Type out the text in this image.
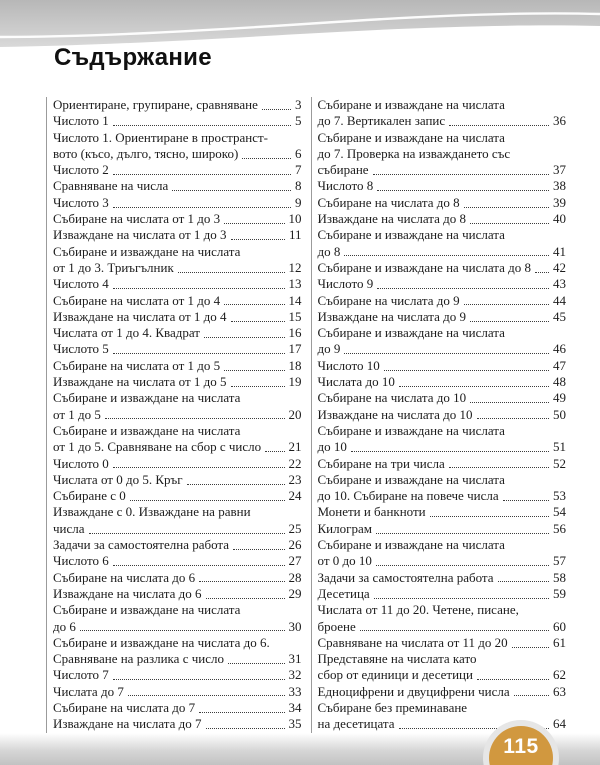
Съдържание
Ориентиране, групиране, сравняване	3
Числото 1	5
Числото 1. Ориентиране в пространст-
вото (късо, дълго, тясно, широко)	6
Числото 2	7
Сравняване на числа	8
Числото 3	9
Събиране на числата от 1 до 3	10
Изваждане на числата от 1 до 3	11
Събиране и изваждане на числата
от 1 до 3. Триъгълник	12
Числото 4	13
Събиране на числата от 1 до 4	14
Изваждане на числата от 1 до 4	15
Числата от 1 до 4. Квадрат	16
Числото 5	17
Събиране на числата от 1 до 5	18
Изваждане на числата от 1 до 5	19
Събиране и изваждане на числата
от 1 до 5	20
Събиране и изваждане на числата
от 1 до 5. Сравняване на сбор с число 21
Числото 0	22
Числата от 0 до 5. Кръг	23
Събиране с 0	24
Изваждане с 0. Изваждане на равни
числа	25
Задачи за самостоятелна работа	26
Числото 6	27
Събиране на числата до 6	28
Изваждане на числата до 6	29
Събиране и изваждане на числата
до 6	30
Събиране и изваждане на числата до 6.
Сравняване на разлика с число	31
Числото 7	32
Числата до 7	33
Събиране на числата до 7	34
Изваждане на числата до 7	35
Събиране и изваждане на числата
до 7. Вертикален запис	36
Събиране и изваждане на числата
до 7. Проверка на изваждането със
събиране	37
Числото 8	38
Събиране на числата до 8	39
Изваждане на числата до 8	40
Събиране и изваждане на числата
до 8	41
Събиране и изваждане на числата до 8 42
Числото 9	43
Събиране на числата до 9	44
Изваждане на числата до 9	45
Събиране и изваждане на числата
до 9	46
Числото 10	47
Числата до 10	48
Събиране на числата до 10	49
Изваждане на числата до 10	50
Събиране и изваждане на числата
до 10	51
Събиране на три числа	52
Събиране и изваждане на числата
до 10. Събиране на повече числа	53
Монети и банкноти	54
Килограм	56
Събиране и изваждане на числата
от 0 до 10	57
Задачи за самостоятелна работа	58
Десетица	59
Числата от 11 до 20. Четене, писане,
броене	60
Сравняване на числата от 11 до 20	61
Представяне на числата като
сбор от единици и десетици	62
Едноцифрени и двуцифрени числа	63
Събиране без преминаване
на десетицата	64
115
